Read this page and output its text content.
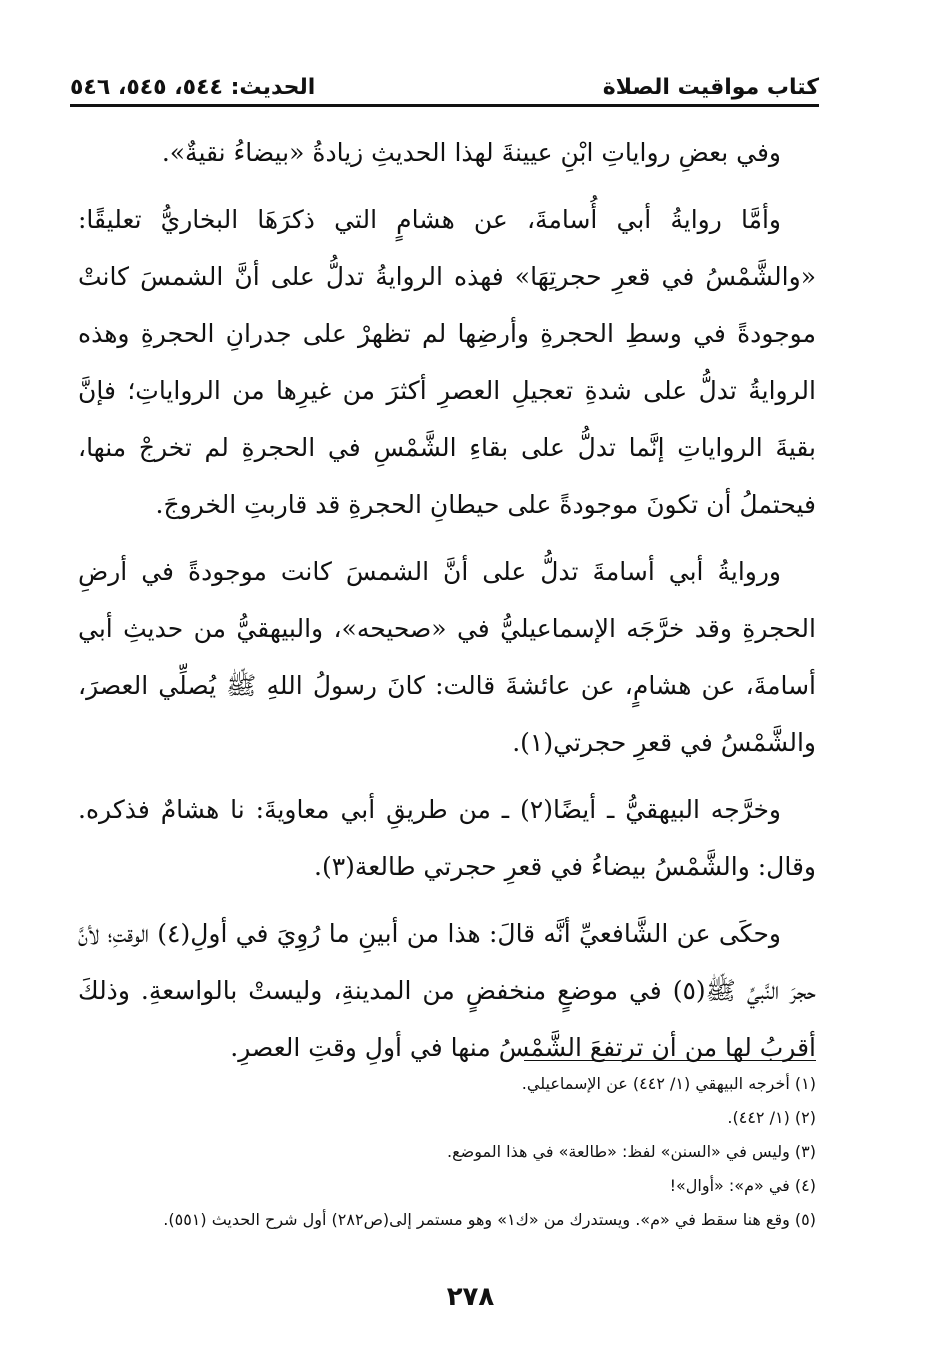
كتاب مواقيت الصلاة
الحديث: ٥٤٤، ٥٤٥، ٥٤٦

وفي بعضِ رواياتِ ابْنِ عيينةَ لهذا الحديثِ زيادةُ «بيضاءُ نقيةٌ».

وأمَّا روايةُ أبي أُسامةَ، عن هشامٍ التي ذكرَهَا البخاريُّ تعليقًا: «والشَّمْسُ في قعرِ حجرتِهَا» فهذه الروايةُ تدلُّ على أنَّ الشمسَ كانتْ موجودةً في وسطِ الحجرةِ وأرضِها لم تظهرْ على جدرانِ الحجرةِ وهذه الروايةُ تدلُّ على شدةِ تعجيلِ العصرِ أكثرَ من غيرِها من الرواياتِ؛ فإنَّ بقيةَ الرواياتِ إنَّما تدلُّ على بقاءِ الشَّمْسِ في الحجرةِ لم تخرجْ منها، فيحتملُ أن تكونَ موجودةً على حيطانِ الحجرةِ قد قاربتِ الخروجَ.

وروايةُ أبي أسامةَ تدلُّ على أنَّ الشمسَ كانت موجودةً في أرضِ الحجرةِ وقد خرَّجَه الإسماعيليُّ في «صحيحه»، والبيهقيُّ من حديثِ أبي أسامةَ، عن هشامٍ، عن عائشةَ قالت: كانَ رسولُ اللهِ ﷺ يُصلِّي العصرَ، والشَّمْسُ في قعرِ حجرتي(١).

وخرَّجه البيهقيُّ ـ أيضًا(٢) ـ من طريقِ أبي معاويةَ: نا هشامٌ فذكره. وقال: والشَّمْسُ بيضاءُ في قعرِ حجرتي طالعة(٣).

وحكَى عن الشَّافعيِّ أنَّه قالَ: هذا من أبينِ ما رُوِيَ في أولِ(٤) الوقتِ؛ لأنَّ حجرَ النَّبيِّ ﷺ(٥) في موضعٍ منخفضٍ من المدينةِ، وليستْ بالواسعةِ. وذلكَ أقربُ لها من أن ترتفعَ الشَّمْسُ منها في أولِ وقتِ العصرِ.

(١) أخرجه البيهقي (١/ ٤٤٢) عن الإسماعيلي.

(٢) (١/ ٤٤٢).

(٣) وليس في «السنن» لفظ: «طالعة» في هذا الموضع.

(٤) في «م»: «أوال»!

(٥) وقع هنا سقط في «م». ويستدرك من «ك١» وهو مستمر إلى(ص٢٨٢) أول شرح الحديث (٥٥١).

٢٧٨
